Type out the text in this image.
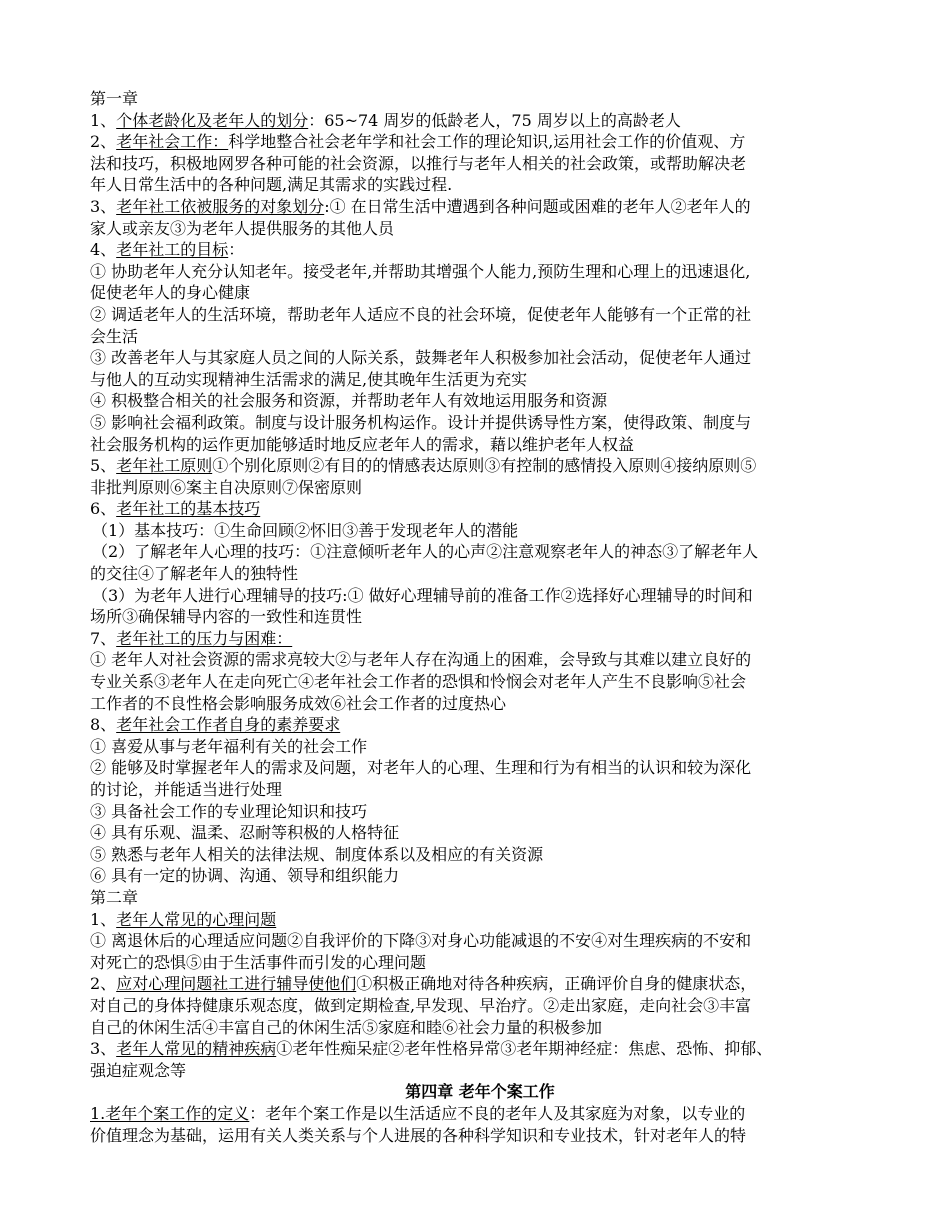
第一章
1、个体老龄化及老年人的划分：65~74 周岁的低龄老人，75 周岁以上的高龄老人
2、老年社会工作：科学地整合社会老年学和社会工作的理论知识,运用社会工作的价值观、方
法和技巧，积极地网罗各种可能的社会资源，以推行与老年人相关的社会政策，或帮助解决老
年人日常生活中的各种问题,满足其需求的实践过程.
3、老年社工依被服务的对象划分:① 在日常生活中遭遇到各种问题或困难的老年人②老年人的
家人或亲友③为老年人提供服务的其他人员
4、老年社工的目标：
① 协助老年人充分认知老年。接受老年,并帮助其增强个人能力,预防生理和心理上的迅速退化,
促使老年人的身心健康
② 调适老年人的生活环境，帮助老年人适应不良的社会环境，促使老年人能够有一个正常的社
会生活
③ 改善老年人与其家庭人员之间的人际关系，鼓舞老年人积极参加社会活动，促使老年人通过
与他人的互动实现精神生活需求的满足,使其晚年生活更为充实
④ 积极整合相关的社会服务和资源，并帮助老年人有效地运用服务和资源
⑤ 影响社会福利政策。制度与设计服务机构运作。设计并提供诱导性方案，使得政策、制度与
社会服务机构的运作更加能够适时地反应老年人的需求，藉以维护老年人权益
5、老年社工原则①个别化原则②有目的的情感表达原则③有控制的感情投入原则④接纳原则⑤
非批判原则⑥案主自决原则⑦保密原则
6、老年社工的基本技巧
（1）基本技巧：①生命回顾②怀旧③善于发现老年人的潜能
（2）了解老年人心理的技巧：①注意倾听老年人的心声②注意观察老年人的神态③了解老年人
的交往④了解老年人的独特性
（3）为老年人进行心理辅导的技巧:① 做好心理辅导前的准备工作②选择好心理辅导的时间和
场所③确保辅导内容的一致性和连贯性
7、老年社工的压力与困难：
① 老年人对社会资源的需求亮较大②与老年人存在沟通上的困难，会导致与其难以建立良好的
专业关系③老年人在走向死亡④老年社会工作者的恐惧和怜悯会对老年人产生不良影响⑤社会
工作者的不良性格会影响服务成效⑥社会工作者的过度热心
8、老年社会工作者自身的素养要求
① 喜爱从事与老年福利有关的社会工作
② 能够及时掌握老年人的需求及问题，对老年人的心理、生理和行为有相当的认识和较为深化
的讨论，并能适当进行处理
③ 具备社会工作的专业理论知识和技巧
④ 具有乐观、温柔、忍耐等积极的人格特征
⑤ 熟悉与老年人相关的法律法规、制度体系以及相应的有关资源
⑥ 具有一定的协调、沟通、领导和组织能力
第二章
1、老年人常见的心理问题
① 离退休后的心理适应问题②自我评价的下降③对身心功能减退的不安④对生理疾病的不安和
对死亡的恐惧⑤由于生活事件而引发的心理问题
2、应对心理问题社工进行辅导使他们①积极正确地对待各种疾病，正确评价自身的健康状态，
对自己的身体持健康乐观态度，做到定期检查,早发现、早治疗。②走出家庭，走向社会③丰富
自己的休闲生活④丰富自己的休闲生活⑤家庭和睦⑥社会力量的积极参加
3、老年人常见的精神疾病①老年性痴呆症②老年性格异常③老年期神经症：焦虑、恐怖、抑郁、
强迫症观念等
第四章 老年个案工作
1.老年个案工作的定义：老年个案工作是以生活适应不良的老年人及其家庭为对象，以专业的
价值理念为基础，运用有关人类关系与个人进展的各种科学知识和专业技术，针对老年人的特
